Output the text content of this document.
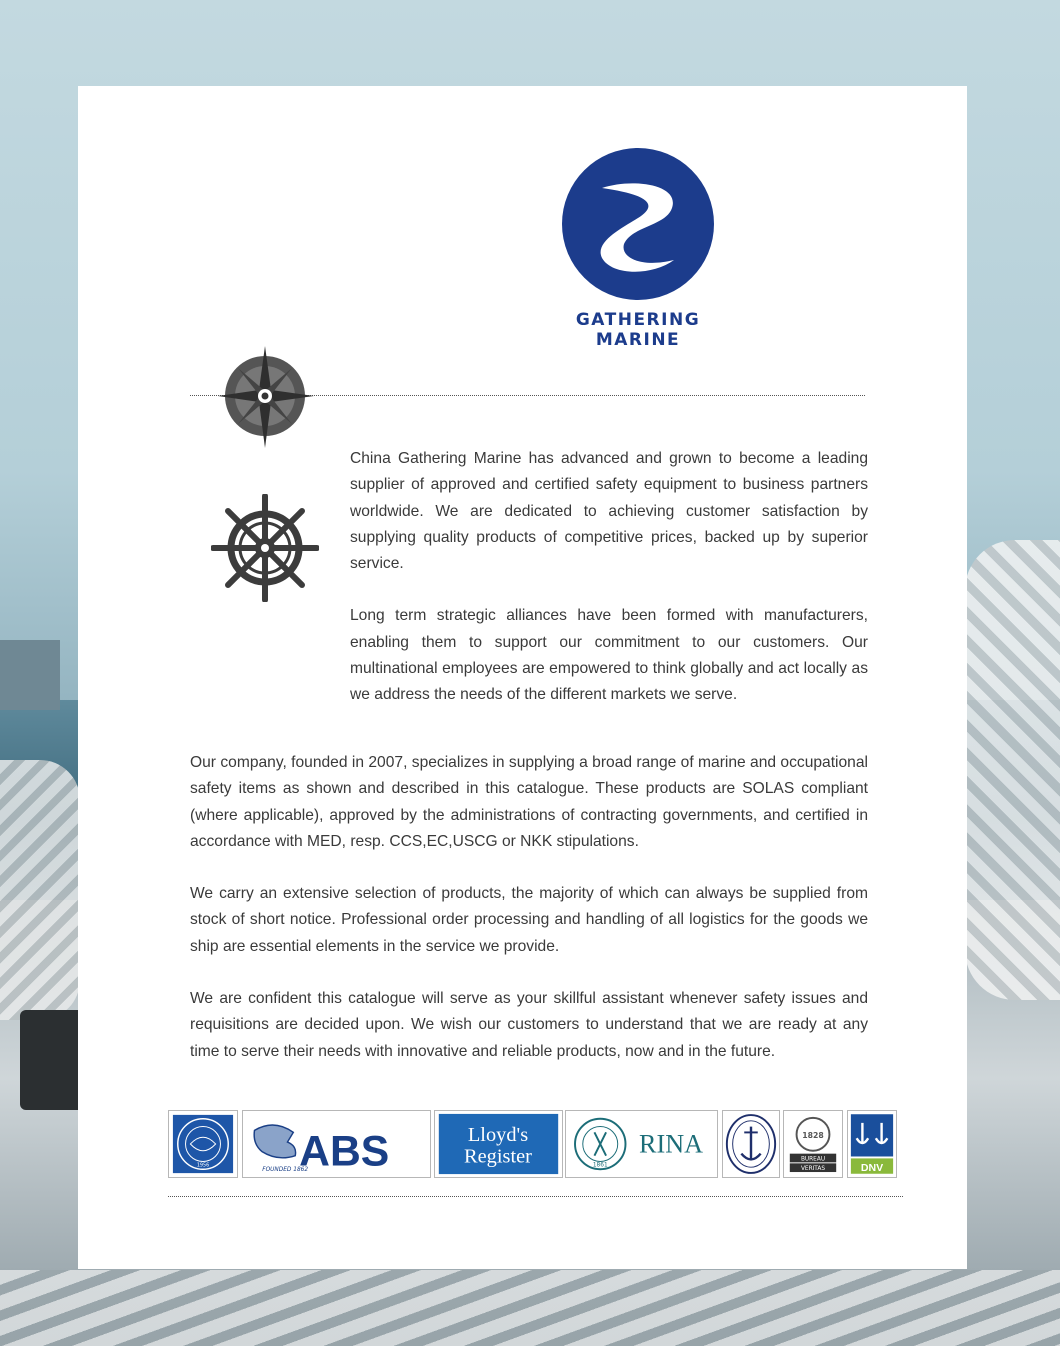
GATHERING
MARINE

China Gathering Marine has advanced and grown to become a leading supplier of approved and certified safety equipment to business partners worldwide. We are dedicated to achieving customer satisfaction by supplying quality products of competitive prices, backed up by superior service.

Long term strategic alliances have been formed with manufacturers, enabling them to support our commitment to our customers. Our multinational employees are empowered to think globally and act locally as we address the needs of the different markets we serve.

Our company, founded in 2007, specializes in supplying a broad range of marine and occupational safety items as shown and described in this catalogue. These products are SOLAS compliant (where applicable), approved by the administrations of contracting governments, and certified in accordance with MED, resp. CCS,EC,USCG or NKK stipulations.

We carry an extensive selection of products, the majority of which can always be supplied from stock of short notice. Professional order processing and handling of all logistics for the goods we ship are essential elements in the service we provide.

We are confident this catalogue will serve as your skillful assistant whenever safety issues and requisitions are decided upon. We wish our customers to understand that we are ready at any time to serve their needs with innovative and reliable products, now and in the future.

1956
FOUNDED 1862
ABS	Lloyd's
Register	1861
RINA	1828
BUREAU
VERITAS	DNV
